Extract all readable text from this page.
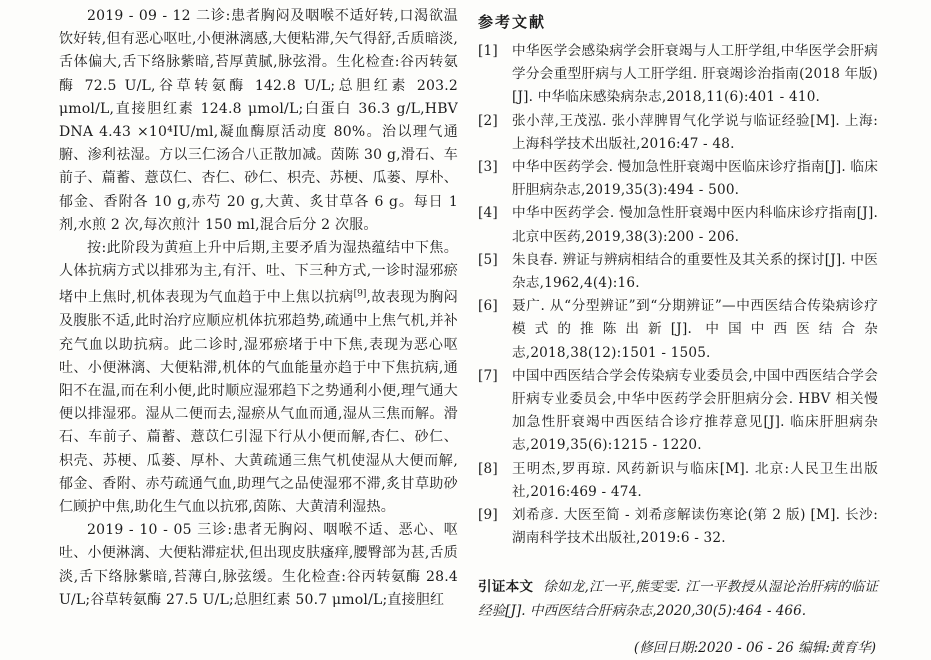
2019 - 09 - 12 二诊:患者胸闷及咽喉不适好转,口渴欲温饮好转,但有恶心呕吐,小便淋漓感,大便粘滞,矢气得舒,舌质暗淡,舌体偏大,舌下络脉紫暗,苔厚黄腻,脉弦滑。生化检查:谷丙转氨酶 72.5 U/L,谷草转氨酶 142.8 U/L;总胆红素 203.2 μmol/L,直接胆红素 124.8 μmol/L;白蛋白 36.3 g/L,HBV DNA 4.43 ×10⁴IU/ml,凝血酶原活动度 80%。治以理气通腑、渗利祛湿。方以三仁汤合八正散加减。茵陈 30 g,滑石、车前子、萹蓄、薏苡仁、杏仁、砂仁、枳壳、苏梗、瓜蒌、厚朴、郁金、香附各 10 g,赤芍 20 g,大黄、炙甘草各 6 g。每日 1 剂,水煎 2 次,每次煎汁 150 ml,混合后分 2 次服。

按:此阶段为黄疸上升中后期,主要矛盾为湿热蕴结中下焦。人体抗病方式以排邪为主,有汗、吐、下三种方式,一诊时湿邪瘀堵中上焦时,机体表现为气血趋于中上焦以抗病[9],故表现为胸闷及腹胀不适,此时治疗应顺应机体抗邪趋势,疏通中上焦气机,并补充气血以助抗病。此二诊时,湿邪瘀堵于中下焦,表现为恶心呕吐、小便淋漓、大便粘滞,机体的气血能量亦趋于中下焦抗病,通阳不在温,而在利小便,此时顺应湿邪趋下之势通利小便,理气通大便以排湿邪。湿从二便而去,湿瘀从气血而通,湿从三焦而解。滑石、车前子、萹蓄、薏苡仁引湿下行从小便而解,杏仁、砂仁、枳壳、苏梗、瓜蒌、厚朴、大黄疏通三焦气机使湿从大便而解,郁金、香附、赤芍疏通气血,助理气之品使湿邪不滞,炙甘草助砂仁顾护中焦,助化生气血以抗邪,茵陈、大黄清利湿热。

2019 - 10 - 05 三诊:患者无胸闷、咽喉不适、恶心、呕吐、小便淋漓、大便粘滞症状,但出现皮肤瘙痒,腰臀部为甚,舌质淡,舌下络脉紫暗,苔薄白,脉弦缓。生化检查:谷丙转氨酶 28.4 U/L;谷草转氨酶 27.5 U/L;总胆红素 50.7 μmol/L;直接胆红

参考文献
[1] 中华医学会感染病学会肝衰竭与人工肝学组,中华医学会肝病学分会重型肝病与人工肝学组. 肝衰竭诊治指南(2018 年版) [J]. 中华临床感染病杂志,2018,11(6):401 - 410.
[2] 张小萍,王茂泓. 张小萍脾胃气化学说与临证经验[M]. 上海:上海科学技术出版社,2016:47 - 48.
[3] 中华中医药学会. 慢加急性肝衰竭中医临床诊疗指南[J]. 临床肝胆病杂志,2019,35(3):494 - 500.
[4] 中华中医药学会. 慢加急性肝衰竭中医内科临床诊疗指南[J]. 北京中医药,2019,38(3):200 - 206.
[5] 朱良春. 辨证与辨病相结合的重要性及其关系的探讨[J]. 中医杂志,1962,4(4):16.
[6] 聂广. 从“分型辨证”到“分期辨证”—中西医结合传染病诊疗模式的推陈出新[J]. 中国中西医结合杂志,2018,38(12):1501 - 1505.
[7] 中国中西医结合学会传染病专业委员会,中国中西医结合学会肝病专业委员会,中华中医药学会肝胆病分会. HBV 相关慢加急性肝衰竭中西医结合诊疗推荐意见[J]. 临床肝胆病杂志,2019,35(6):1215 - 1220.
[8] 王明杰,罗再琼. 风药新识与临床[M]. 北京:人民卫生出版社,2016:469 - 474.
[9] 刘希彦. 大医至简 - 刘希彦解读伤寒论(第 2 版) [M]. 长沙:湖南科学技术出版社,2019:6 - 32.

引证本文 徐如龙,江一平,熊雯雯. 江一平教授从湿论治肝病的临证经验[J]. 中西医结合肝病杂志,2020,30(5):464 - 466.

(修回日期:2020 - 06 - 26 编辑:黄育华)
